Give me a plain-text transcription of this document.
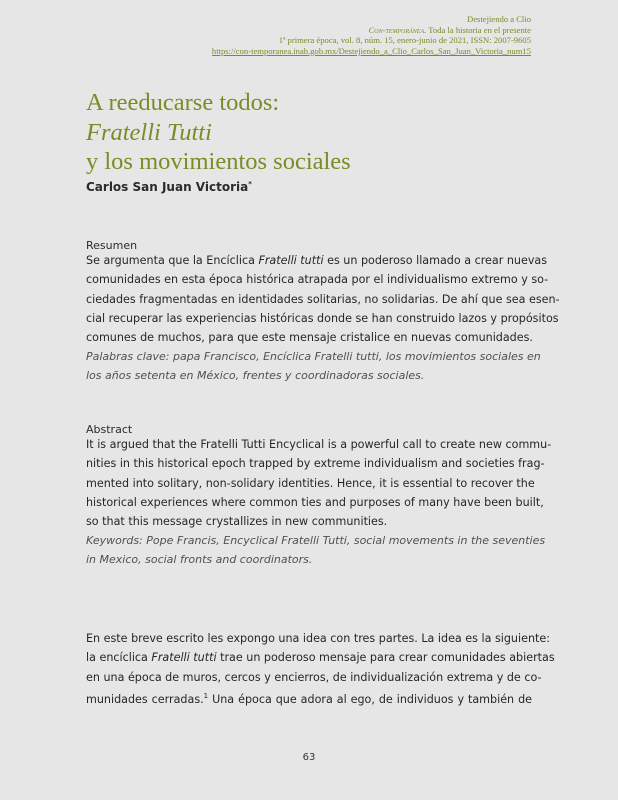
Destejiendo a Clio
Con-temporánea. Toda la historia en el presente
1ª primera época, vol. 8, núm. 15, enero-junio de 2021, ISSN: 2007-9605
https://con-temporanea.inah.gob.mx/Destejiendo_a_Clio_Carlos_San_Juan_Victoria_num15
A reeducarse todos:
Fratelli Tutti
y los movimientos sociales
Carlos San Juan Victoria*
Resumen
Se argumenta que la Encíclica Fratelli tutti es un poderoso llamado a crear nuevas
comunidades en esta época histórica atrapada por el individualismo extremo y so-
ciedades fragmentadas en identidades solitarias, no solidarias. De ahí que sea esen-
cial recuperar las experiencias históricas donde se han construido lazos y propósitos
comunes de muchos, para que este mensaje cristalice en nuevas comunidades.
Palabras clave: papa Francisco, Encíclica Fratelli tutti, los movimientos sociales en
los años setenta en México, frentes y coordinadoras sociales.
Abstract
It is argued that the Fratelli Tutti Encyclical is a powerful call to create new commu-
nities in this historical epoch trapped by extreme individualism and societies frag-
mented into solitary, non-solidary identities. Hence, it is essential to recover the
historical experiences where common ties and purposes of many have been built,
so that this message crystallizes in new communities.
Keywords: Pope Francis, Encyclical Fratelli Tutti, social movements in the seventies
in Mexico, social fronts and coordinators.
En este breve escrito les expongo una idea con tres partes. La idea es la siguiente:
la encíclica Fratelli tutti trae un poderoso mensaje para crear comunidades abiertas
en una época de muros, cercos y encierros, de individualización extrema y de co-
munidades cerradas.$^1$ Una época que adora al ego, de individuos y también de
63
